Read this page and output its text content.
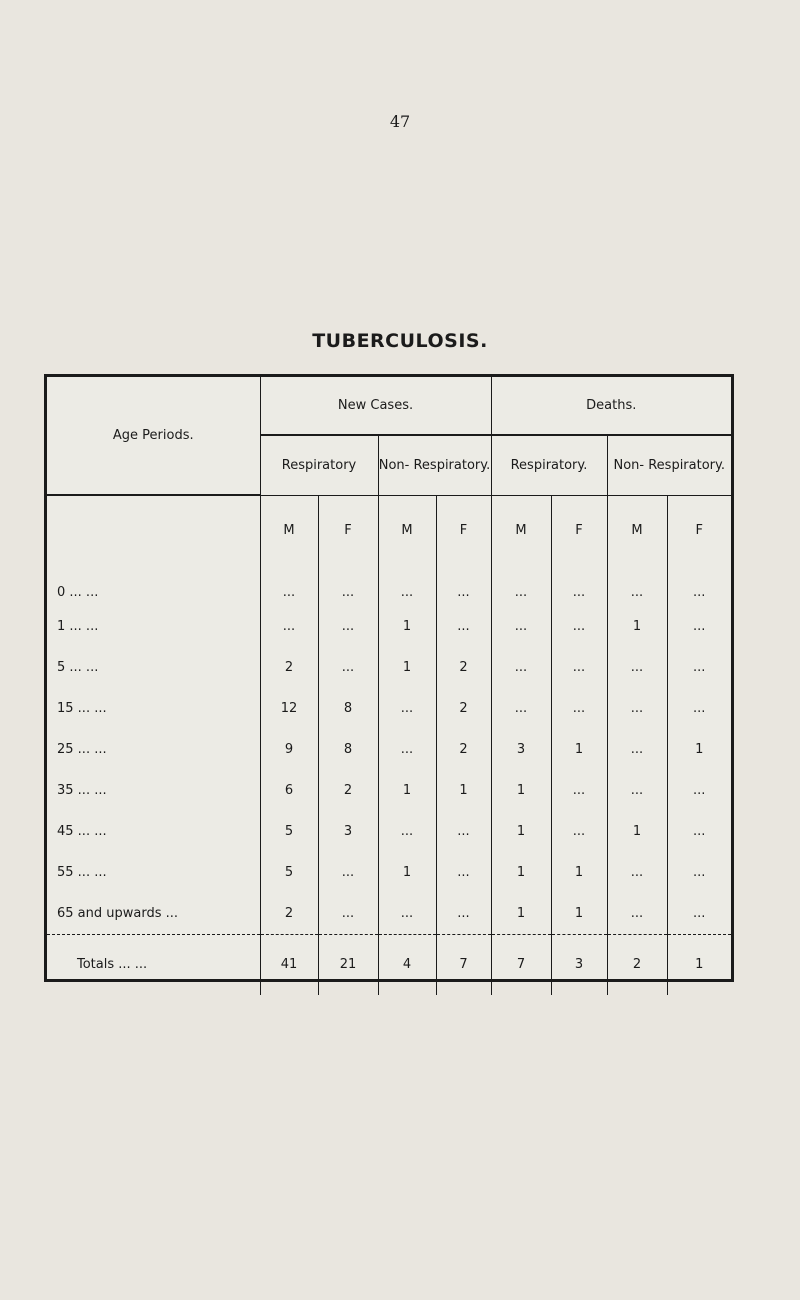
47
TUBERCULOSIS.
Age Periods.	New Cases.				Deaths.			
	Respiratory		Non- Respiratory.		Respiratory.		Non- Respiratory.	
	M	F	M	F	M	F	M	F
0 ... ...	...	...	...	...	...	...	...	...
1 ... ...	...	...	1	...	...	...	1	...
5 ... ...	2	...	1	2	...	...	...	...
15 ... ...	12	8	...	2	...	...	...	...
25 ... ...	9	8	...	2	3	1	...	1
35 ... ...	6	2	1	1	1	...	...	...
45 ... ...	5	3	...	...	1	...	1	...
55 ... ...	5	...	1	...	1	1	...	...
65 and upwards ...	2	...	...	...	1	1	...	...
Totals ... ...	41	21	4	7	7	3	2	1
